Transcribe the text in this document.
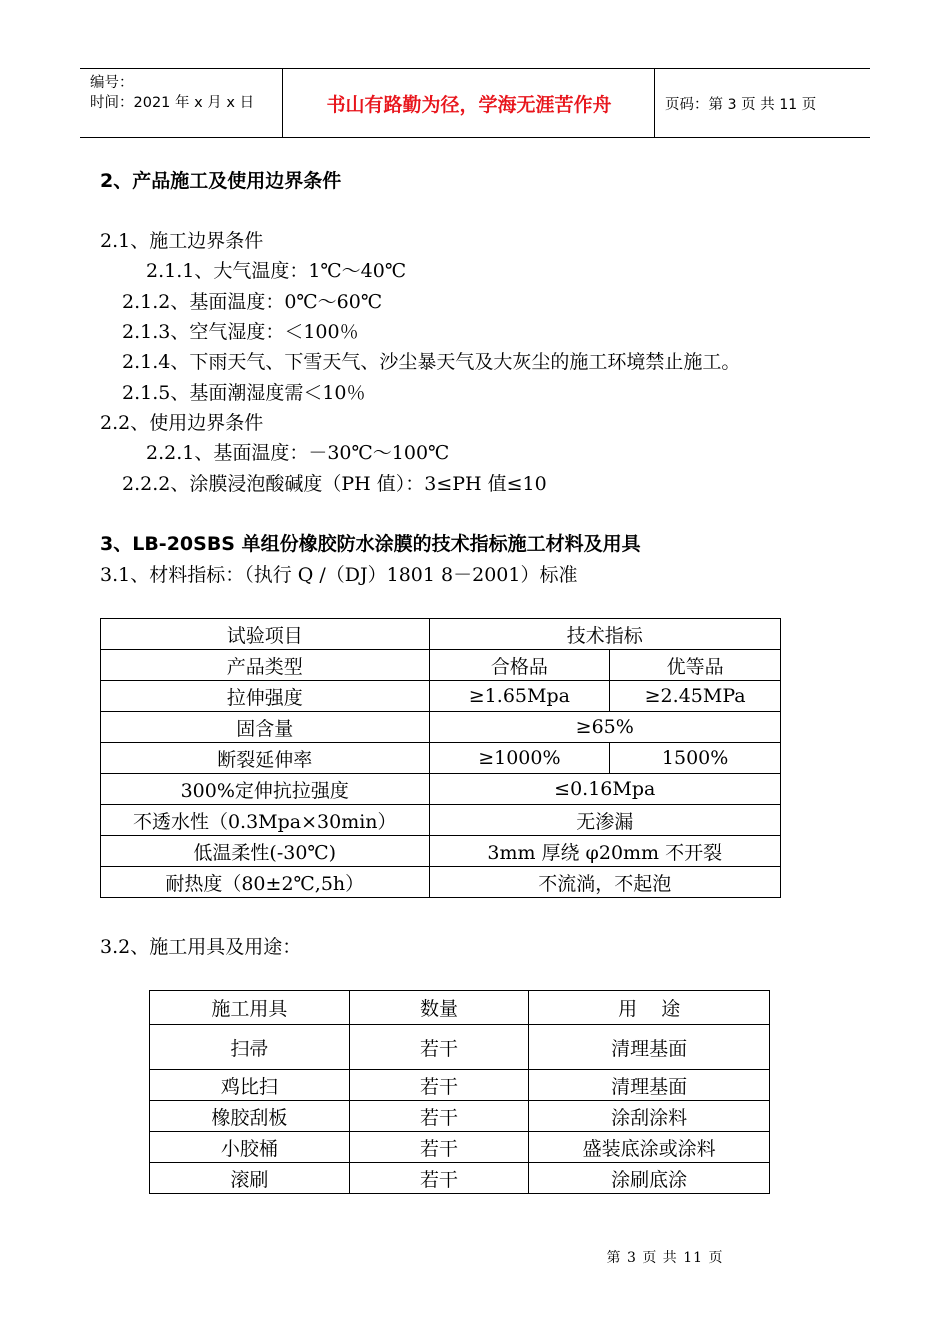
编号：
时间：2021 年 x 月 x 日	书山有路勤为径，学海无涯苦作舟	页码：第 3 页 共 11 页
2、产品施工及使用边界条件
2.1、施工边界条件
2.1.1、大气温度：1℃～40℃
2.1.2、基面温度：0℃～60℃
2.1.3、空气湿度：＜100％
2.1.4、下雨天气、下雪天气、沙尘暴天气及大灰尘的施工环境禁止施工。
2.1.5、基面潮湿度需＜10％
2.2、使用边界条件
2.2.1、基面温度：－30℃～100℃
2.2.2、涂膜浸泡酸碱度（PH 值）：3≤PH 值≤10
3、LB-20SBS 单组份橡胶防水涂膜的技术指标施工材料及用具
3.1、材料指标：（执行 Q /（DJ）1801 8－2001）标准
试验项目	技术指标	
产品类型	合格品	优等品
拉伸强度	≥1.65Mpa	≥2.45MPa
固含量	≥65%	
断裂延伸率	≥1000%	1500%
300%定伸抗拉强度	≤0.16Mpa	
不透水性（0.3Mpa×30min）	无渗漏	
低温柔性(-30℃)	3mm 厚绕 φ20mm 不开裂	
耐热度（80±2℃,5h）	不流淌，不起泡	
3.2、施工用具及用途：
施工用具	数量	用    途
扫帚	若干	清理基面
鸡比扫	若干	清理基面
橡胶刮板	若干	涂刮涂料
小胶桶	若干	盛装底涂或涂料
滚刷	若干	涂刷底涂
第 3 页 共 11 页
